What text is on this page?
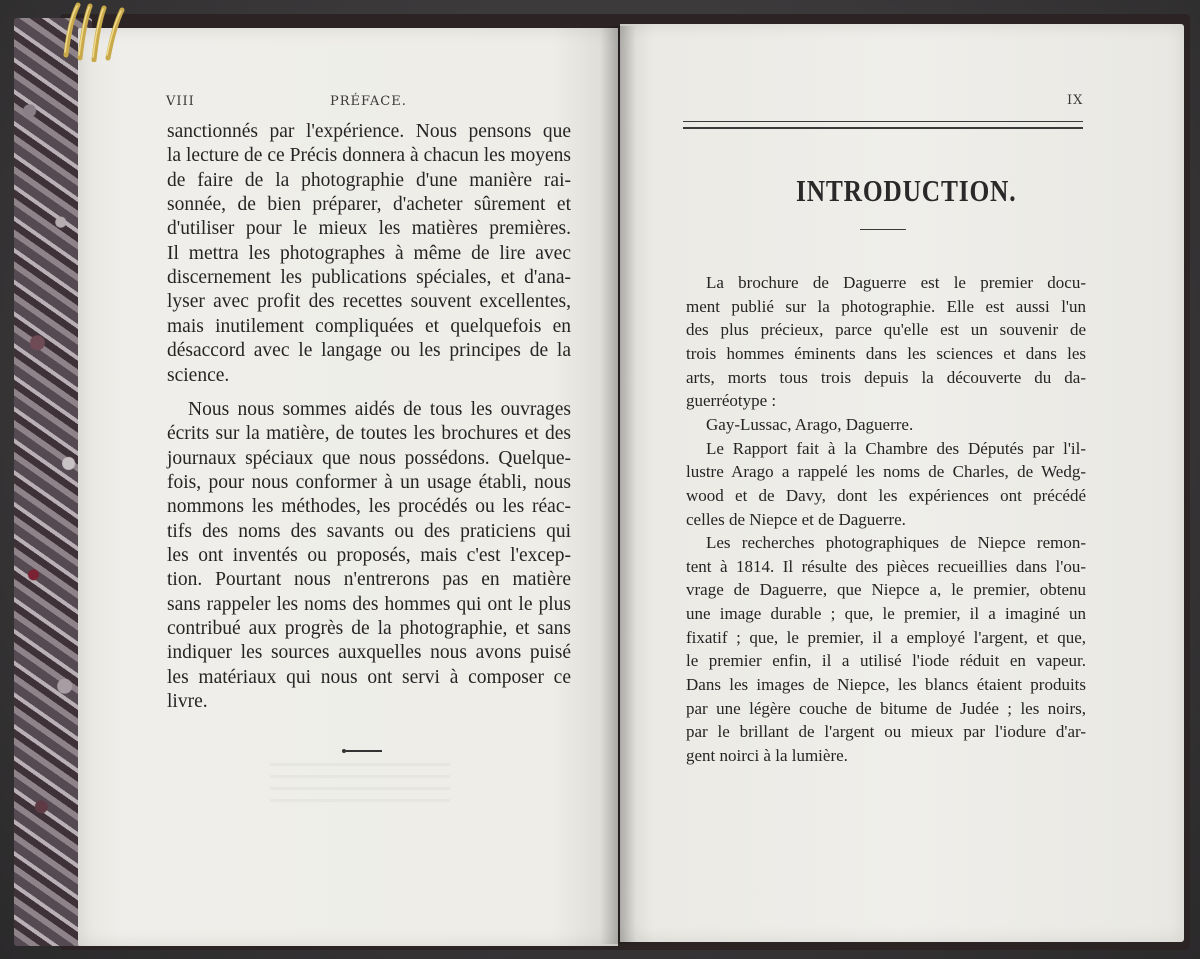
VIII	PRÉFACE.
sanctionnés par l'expérience. Nous pensons que
la lecture de ce Précis donnera à chacun les moyens
de faire de la photographie d'une manière rai-
sonnée, de bien préparer, d'acheter sûrement et
d'utiliser pour le mieux les matières premières.
Il mettra les photographes à même de lire avec
discernement les publications spéciales, et d'ana-
lyser avec profit des recettes souvent excellentes,
mais inutilement compliquées et quelquefois en
désaccord avec le langage ou les principes de la
science.
Nous nous sommes aidés de tous les ouvrages
écrits sur la matière, de toutes les brochures et des
journaux spéciaux que nous possédons. Quelque-
fois, pour nous conformer à un usage établi, nous
nommons les méthodes, les procédés ou les réac-
tifs des noms des savants ou des praticiens qui
les ont inventés ou proposés, mais c'est l'excep-
tion. Pourtant nous n'entrerons pas en matière
sans rappeler les noms des hommes qui ont le plus
contribué aux progrès de la photographie, et sans
indiquer les sources auxquelles nous avons puisé
les matériaux qui nous ont servi à composer ce
livre.
IX
INTRODUCTION.
La brochure de Daguerre est le premier docu-
ment publié sur la photographie. Elle est aussi l'un
des plus précieux, parce qu'elle est un souvenir de
trois hommes éminents dans les sciences et dans les
arts, morts tous trois depuis la découverte du da-
guerréotype :
Gay-Lussac, Arago, Daguerre.
Le Rapport fait à la Chambre des Députés par l'il-
lustre Arago a rappelé les noms de Charles, de Wedg-
wood et de Davy, dont les expériences ont précédé
celles de Niepce et de Daguerre.
Les recherches photographiques de Niepce remon-
tent à 1814. Il résulte des pièces recueillies dans l'ou-
vrage de Daguerre, que Niepce a, le premier, obtenu
une image durable ; que, le premier, il a imaginé un
fixatif ; que, le premier, il a employé l'argent, et que,
le premier enfin, il a utilisé l'iode réduit en vapeur.
Dans les images de Niepce, les blancs étaient produits
par une légère couche de bitume de Judée ; les noirs,
par le brillant de l'argent ou mieux par l'iodure d'ar-
gent noirci à la lumière.
